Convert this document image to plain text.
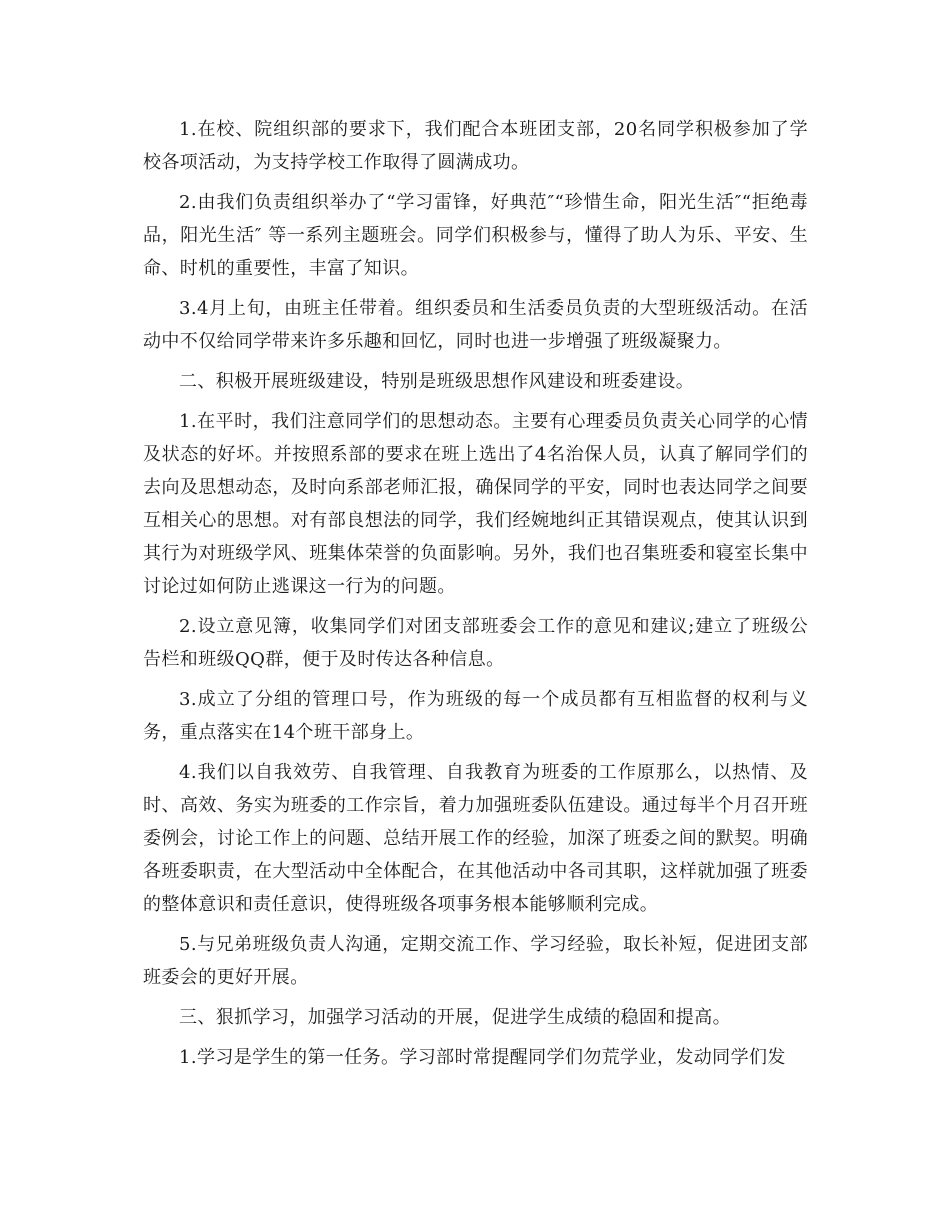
1.在校、院组织部的要求下，我们配合本班团支部，20名同学积极参加了学校各项活动，为支持学校工作取得了圆满成功。

2.由我们负责组织举办了“学习雷锋，好典范″“珍惜生命，阳光生活″“拒绝毒品，阳光生活″ 等一系列主题班会。同学们积极参与，懂得了助人为乐、平安、生命、时机的重要性，丰富了知识。

3.4月上旬，由班主任带着。组织委员和生活委员负责的大型班级活动。在活动中不仅给同学带来许多乐趣和回忆，同时也进一步增强了班级凝聚力。

二、积极开展班级建设，特别是班级思想作风建设和班委建设。

1.在平时，我们注意同学们的思想动态。主要有心理委员负责关心同学的心情及状态的好坏。并按照系部的要求在班上选出了4名治保人员，认真了解同学们的去向及思想动态，及时向系部老师汇报，确保同学的平安，同时也表达同学之间要互相关心的思想。对有部良想法的同学，我们经婉地纠正其错误观点，使其认识到其行为对班级学风、班集体荣誉的负面影响。另外，我们也召集班委和寝室长集中讨论过如何防止逃课这一行为的问题。

2.设立意见簿，收集同学们对团支部班委会工作的意见和建议;建立了班级公告栏和班级QQ群，便于及时传达各种信息。

3.成立了分组的管理口号，作为班级的每一个成员都有互相监督的权利与义务，重点落实在14个班干部身上。

4.我们以自我效劳、自我管理、自我教育为班委的工作原那么，以热情、及时、高效、务实为班委的工作宗旨，着力加强班委队伍建设。通过每半个月召开班委例会，讨论工作上的问题、总结开展工作的经验，加深了班委之间的默契。明确各班委职责，在大型活动中全体配合，在其他活动中各司其职，这样就加强了班委的整体意识和责任意识，使得班级各项事务根本能够顺利完成。

5.与兄弟班级负责人沟通，定期交流工作、学习经验，取长补短，促进团支部班委会的更好开展。

三、狠抓学习，加强学习活动的开展，促进学生成绩的稳固和提高。

1.学习是学生的第一任务。学习部时常提醒同学们勿荒学业，发动同学们发
